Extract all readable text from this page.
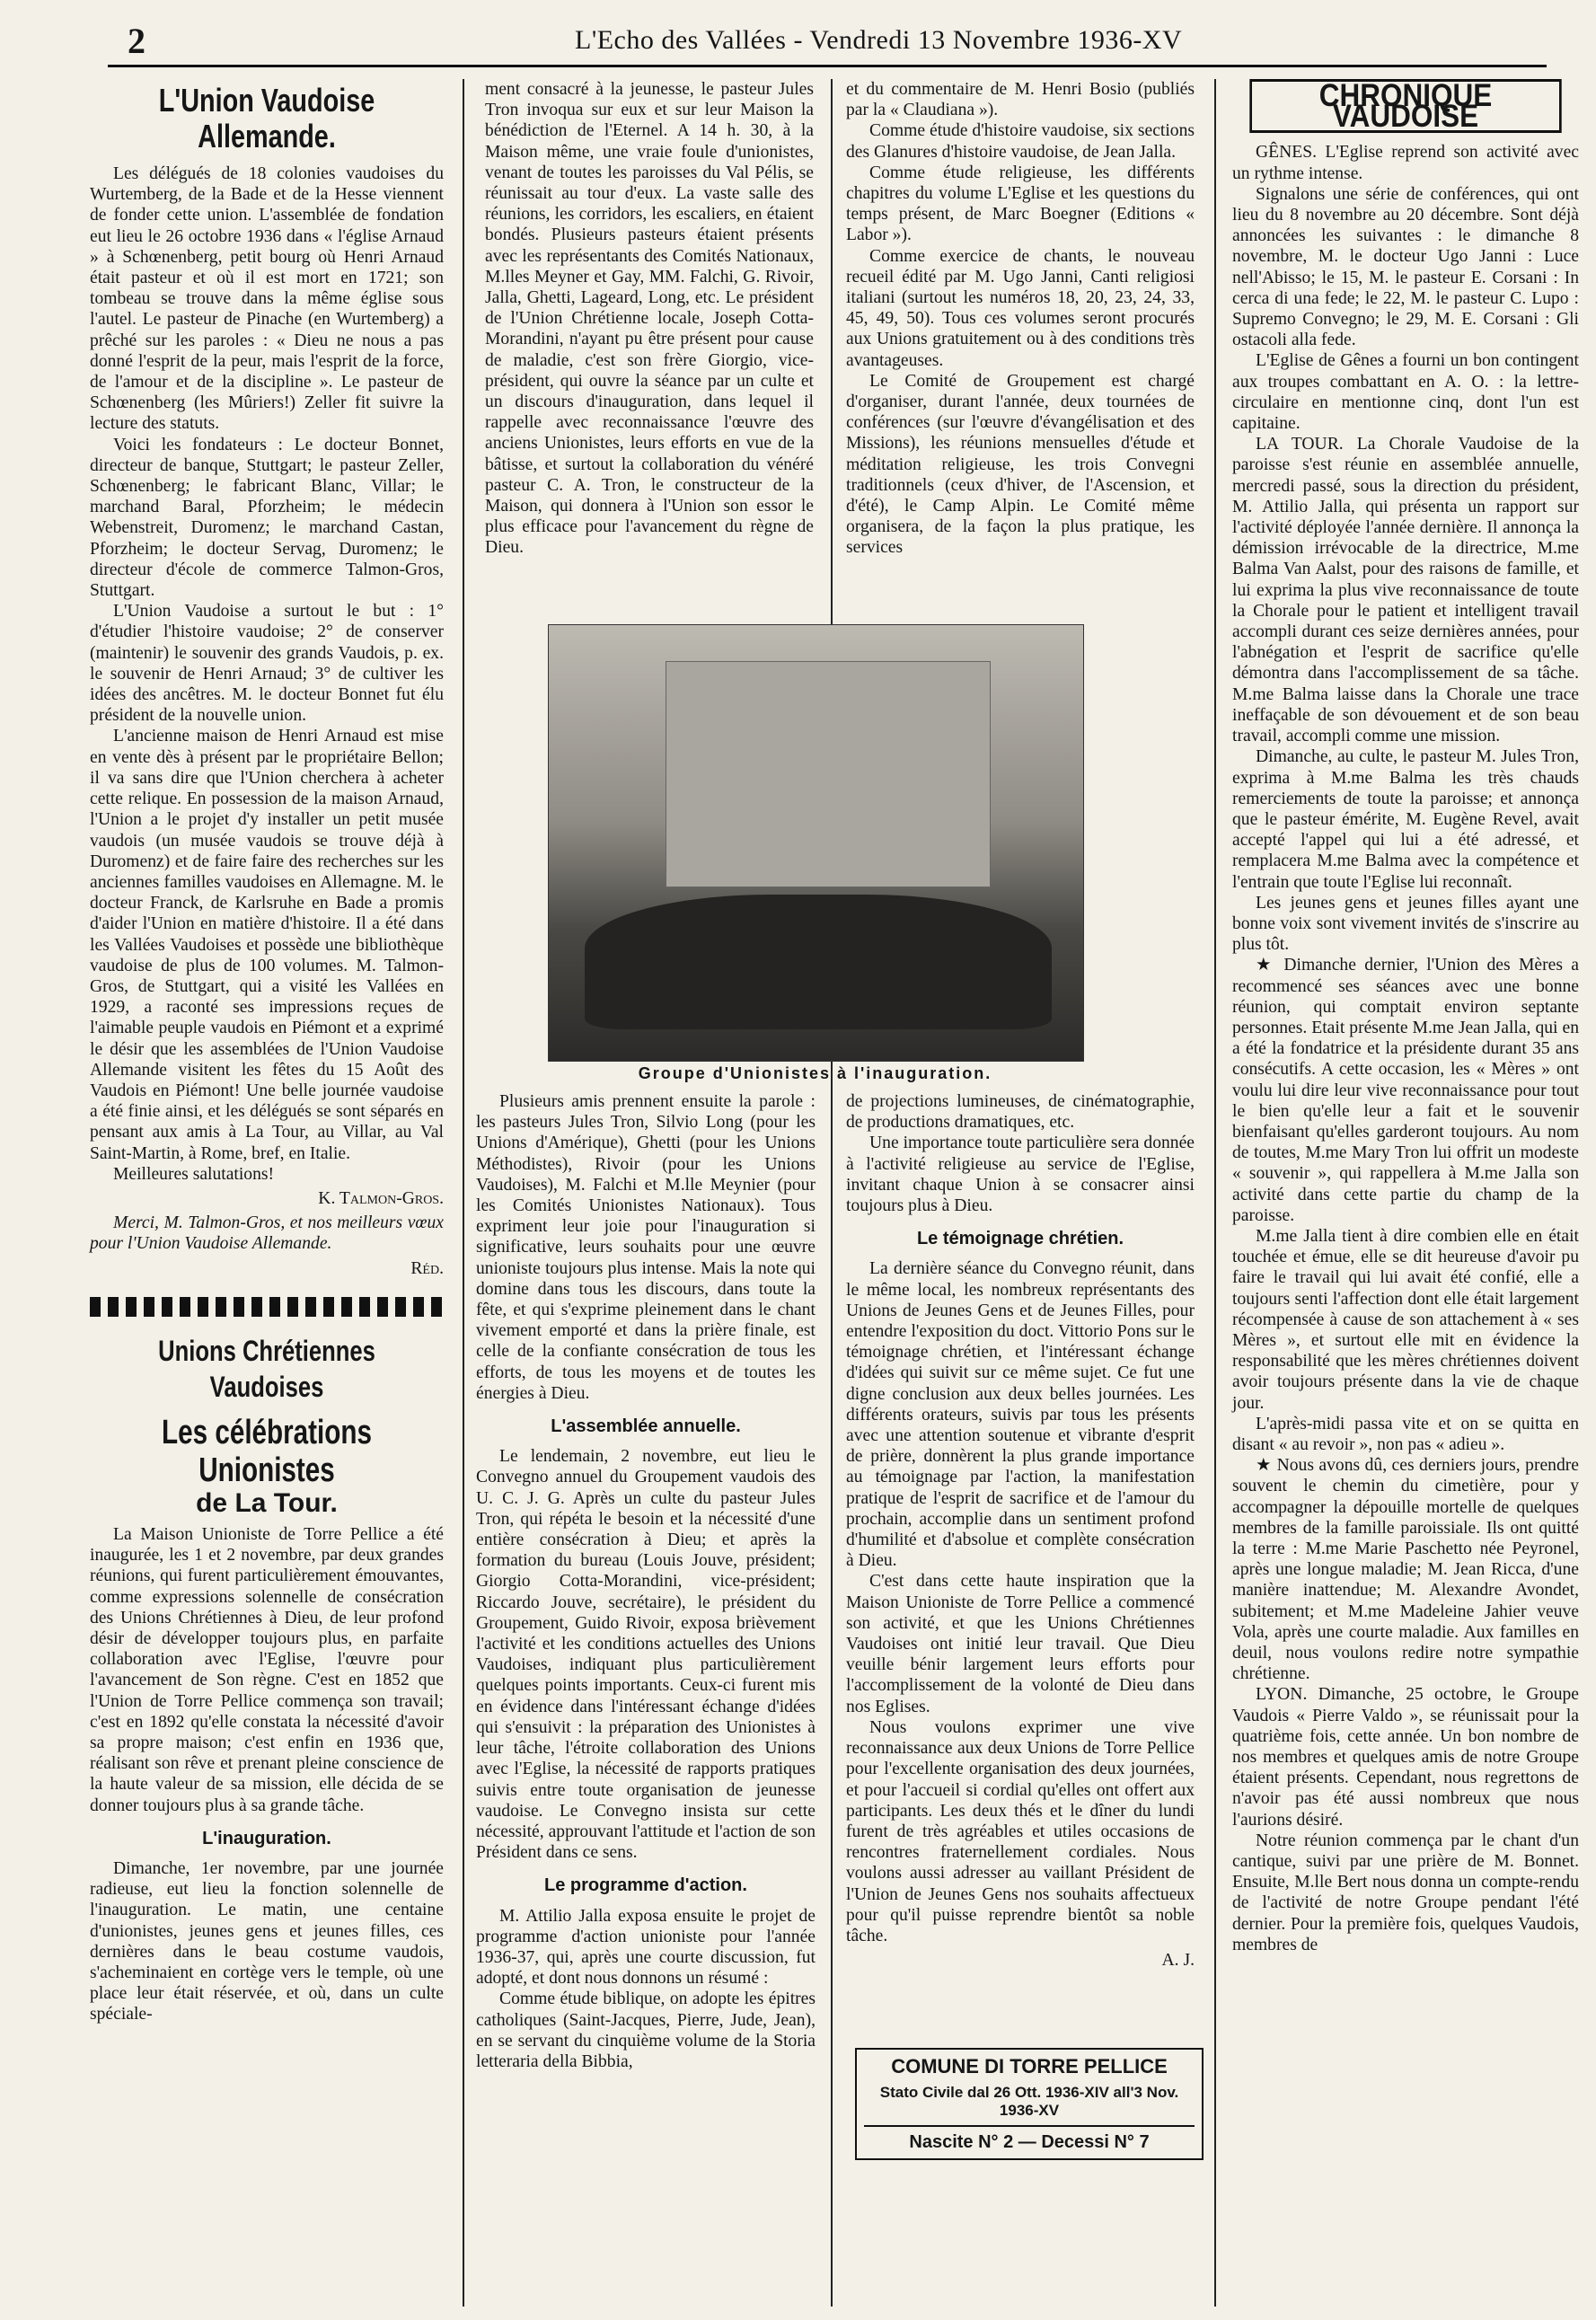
2	L'Echo des Vallées - Vendredi 13 Novembre 1936-XV
L'Union Vaudoise Allemande.

Les délégués de 18 colonies vaudoises du Wurtemberg, de la Bade et de la Hesse viennent de fonder cette union. L'assemblée de fondation eut lieu le 26 octobre 1936 dans « l'église Arnaud » à Schœnenberg, petit bourg où Henri Arnaud était pasteur et où il est mort en 1721; son tombeau se trouve dans la même église sous l'autel. Le pasteur de Pinache (en Wurtemberg) a prêché sur les paroles : « Dieu ne nous a pas donné l'esprit de la peur, mais l'esprit de la force, de l'amour et de la discipline ». Le pasteur de Schœnenberg (les Mûriers!) Zeller fit suivre la lecture des statuts.

Voici les fondateurs : Le docteur Bonnet, directeur de banque, Stuttgart; le pasteur Zeller, Schœnenberg; le fabricant Blanc, Villar; le marchand Baral, Pforzheim; le médecin Webenstreit, Duromenz; le marchand Castan, Pforzheim; le docteur Servag, Duromenz; le directeur d'école de commerce Talmon-Gros, Stuttgart.

L'Union Vaudoise a surtout le but : 1° d'étudier l'histoire vaudoise; 2° de conserver (maintenir) le souvenir des grands Vaudois, p. ex. le souvenir de Henri Arnaud; 3° de cultiver les idées des ancêtres. M. le docteur Bonnet fut élu président de la nouvelle union.

L'ancienne maison de Henri Arnaud est mise en vente dès à présent par le propriétaire Bellon; il va sans dire que l'Union cherchera à acheter cette relique. En possession de la maison Arnaud, l'Union a le projet d'y installer un petit musée vaudois (un musée vaudois se trouve déjà à Duromenz) et de faire faire des recherches sur les anciennes familles vaudoises en Allemagne. M. le docteur Franck, de Karlsruhe en Bade a promis d'aider l'Union en matière d'histoire. Il a été dans les Vallées Vaudoises et possède une bibliothèque vaudoise de plus de 100 volumes. M. Talmon-Gros, de Stuttgart, qui a visité les Vallées en 1929, a raconté ses impressions reçues de l'aimable peuple vaudois en Piémont et a exprimé le désir que les assemblées de l'Union Vaudoise Allemande visitent les fêtes du 15 Août des Vaudois en Piémont! Une belle journée vaudoise a été finie ainsi, et les délégués se sont séparés en pensant aux amis à La Tour, au Villar, au Val Saint-Martin, à Rome, bref, en Italie.

Meilleures salutations!

K. Talmon-Gros.

Merci, M. Talmon-Gros, et nos meilleurs vœux pour l'Union Vaudoise Allemande.

Réd.
Unions Chrétiennes Vaudoises
Les célébrations Unionistes
de La Tour.

La Maison Unioniste de Torre Pellice a été inaugurée, les 1 et 2 novembre, par deux grandes réunions, qui furent particulièrement émouvantes, comme expressions solennelle de consécration des Unions Chrétiennes à Dieu, de leur profond désir de développer toujours plus, en parfaite collaboration avec l'Eglise, l'œuvre pour l'avancement de Son règne. C'est en 1852 que l'Union de Torre Pellice commença son travail; c'est en 1892 qu'elle constata la nécessité d'avoir sa propre maison; c'est enfin en 1936 que, réalisant son rêve et prenant pleine conscience de la haute valeur de sa mission, elle décida de se donner toujours plus à sa grande tâche.

L'inauguration.

Dimanche, 1er novembre, par une journée radieuse, eut lieu la fonction solennelle de l'inauguration. Le matin, une centaine d'unionistes, jeunes gens et jeunes filles, ces dernières dans le beau costume vaudois, s'acheminaient en cortège vers le temple, où une place leur était réservée, et où, dans un culte spéciale-

ment consacré à la jeunesse, le pasteur Jules Tron invoqua sur eux et sur leur Maison la bénédiction de l'Eternel. A 14 h. 30, à la Maison même, une vraie foule d'unionistes, venant de toutes les paroisses du Val Pélis, se réunissait au tour d'eux. La vaste salle des réunions, les corridors, les escaliers, en étaient bondés. Plusieurs pasteurs étaient présents avec les représentants des Comités Nationaux, M.lles Meyner et Gay, MM. Falchi, G. Rivoir, Jalla, Ghetti, Lageard, Long, etc. Le président de l'Union Chrétienne locale, Joseph Cotta-Morandini, n'ayant pu être présent pour cause de maladie, c'est son frère Giorgio, vice-président, qui ouvre la séance par un culte et un discours d'inauguration, dans lequel il rappelle avec reconnaissance l'œuvre des anciens Unionistes, leurs efforts en vue de la bâtisse, et surtout la collaboration du vénéré pasteur C. A. Tron, le constructeur de la Maison, qui donnera à l'Union son essor le plus efficace pour l'avancement du règne de Dieu.

et du commentaire de M. Henri Bosio (publiés par la « Claudiana »).

Comme étude d'histoire vaudoise, six sections des Glanures d'histoire vaudoise, de Jean Jalla.

Comme étude religieuse, les différents chapitres du volume L'Eglise et les questions du temps présent, de Marc Boegner (Editions « Labor »).

Comme exercice de chants, le nouveau recueil édité par M. Ugo Janni, Canti religiosi italiani (surtout les numéros 18, 20, 23, 24, 33, 45, 49, 50). Tous ces volumes seront procurés aux Unions gratuitement ou à des conditions très avantageuses.

Le Comité de Groupement est chargé d'organiser, durant l'année, deux tournées de conférences (sur l'œuvre d'évangélisation et des Missions), les réunions mensuelles d'étude et méditation religieuse, les trois Convegni traditionnels (ceux d'hiver, de l'Ascension, et d'été), le Camp Alpin. Le Comité même organisera, de la façon la plus pratique, les services

Groupe d'Unionistes à l'inauguration.

Plusieurs amis prennent ensuite la parole : les pasteurs Jules Tron, Silvio Long (pour les Unions d'Amérique), Ghetti (pour les Unions Méthodistes), Rivoir (pour les Unions Vaudoises), M. Falchi et M.lle Meynier (pour les Comités Unionistes Nationaux). Tous expriment leur joie pour l'inauguration si significative, leurs souhaits pour une œuvre unioniste toujours plus intense. Mais la note qui domine dans tous les discours, dans toute la fête, et qui s'exprime pleinement dans le chant vivement emporté et dans la prière finale, est celle de la confiante consécration de tous les efforts, de tous les moyens et de toutes les énergies à Dieu.

L'assemblée annuelle.

Le lendemain, 2 novembre, eut lieu le Convegno annuel du Groupement vaudois des U. C. J. G. Après un culte du pasteur Jules Tron, qui répéta le besoin et la nécessité d'une entière consécration à Dieu; et après la formation du bureau (Louis Jouve, président; Giorgio Cotta-Morandini, vice-président; Riccardo Jouve, secrétaire), le président du Groupement, Guido Rivoir, exposa brièvement l'activité et les conditions actuelles des Unions Vaudoises, indiquant plus particulièrement quelques points importants. Ceux-ci furent mis en évidence dans l'intéressant échange d'idées qui s'ensuivit : la préparation des Unionistes à leur tâche, l'étroite collaboration des Unions avec l'Eglise, la nécessité de rapports pratiques suivis entre toute organisation de jeunesse vaudoise. Le Convegno insista sur cette nécessité, approuvant l'attitude et l'action de son Président dans ce sens.

Le programme d'action.

M. Attilio Jalla exposa ensuite le projet de programme d'action unioniste pour l'année 1936-37, qui, après une courte discussion, fut adopté, et dont nous donnons un résumé :

Comme étude biblique, on adopte les épitres catholiques (Saint-Jacques, Pierre, Jude, Jean), en se servant du cinquième volume de la Storia letteraria della Bibbia,

de projections lumineuses, de cinématographie, de productions dramatiques, etc.

Une importance toute particulière sera donnée à l'activité religieuse au service de l'Eglise, invitant chaque Union à se consacrer ainsi toujours plus à Dieu.

Le témoignage chrétien.

La dernière séance du Convegno réunit, dans le même local, les nombreux représentants des Unions de Jeunes Gens et de Jeunes Filles, pour entendre l'exposition du doct. Vittorio Pons sur le témoignage chrétien, et l'intéressant échange d'idées qui suivit sur ce même sujet. Ce fut une digne conclusion aux deux belles journées. Les différents orateurs, suivis par tous les présents avec une attention soutenue et vibrante d'esprit de prière, donnèrent la plus grande importance au témoignage par l'action, la manifestation pratique de l'esprit de sacrifice et de l'amour du prochain, accomplie dans un sentiment profond d'humilité et d'absolue et complète consécration à Dieu.

C'est dans cette haute inspiration que la Maison Unioniste de Torre Pellice a commencé son activité, et que les Unions Chrétiennes Vaudoises ont initié leur travail. Que Dieu veuille bénir largement leurs efforts pour l'accomplissement de la volonté de Dieu dans nos Eglises.

Nous voulons exprimer une vive reconnaissance aux deux Unions de Torre Pellice pour l'excellente organisation des deux journées, et pour l'accueil si cordial qu'elles ont offert aux participants. Les deux thés et le dîner du lundi furent de très agréables et utiles occasions de rencontres fraternellement cordiales. Nous voulons aussi adresser au vaillant Président de l'Union de Jeunes Gens nos souhaits affectueux pour qu'il puisse reprendre bientôt sa noble tâche.

A. J.
COMUNE DI TORRE PELLICE
Stato Civile dal 26 Ott. 1936-XIV all'3 Nov. 1936-XV
Nascite N° 2 — Decessi N° 7
CHRONIQUE VAUDOISE

GÊNES. L'Eglise reprend son activité avec un rythme intense.

Signalons une série de conférences, qui ont lieu du 8 novembre au 20 décembre. Sont déjà annoncées les suivantes : le dimanche 8 novembre, M. le docteur Ugo Janni : Luce nell'Abisso; le 15, M. le pasteur E. Corsani : In cerca di una fede; le 22, M. le pasteur C. Lupo : Supremo Convegno; le 29, M. E. Corsani : Gli ostacoli alla fede.

L'Eglise de Gênes a fourni un bon contingent aux troupes combattant en A. O. : la lettre-circulaire en mentionne cinq, dont l'un est capitaine.

LA TOUR. La Chorale Vaudoise de la paroisse s'est réunie en assemblée annuelle, mercredi passé, sous la direction du président, M. Attilio Jalla, qui présenta un rapport sur l'activité déployée l'année dernière. Il annonça la démission irrévocable de la directrice, M.me Balma Van Aalst, pour des raisons de famille, et lui exprima la plus vive reconnaissance de toute la Chorale pour le patient et intelligent travail accompli durant ces seize dernières années, pour l'abnégation et l'esprit de sacrifice qu'elle démontra dans l'accomplissement de sa tâche. M.me Balma laisse dans la Chorale une trace ineffaçable de son dévouement et de son beau travail, accompli comme une mission.

Dimanche, au culte, le pasteur M. Jules Tron, exprima à M.me Balma les très chauds remerciements de toute la paroisse; et annonça que le pasteur émérite, M. Eugène Revel, avait accepté l'appel qui lui a été adressé, et remplacera M.me Balma avec la compétence et l'entrain que toute l'Eglise lui reconnaît.

Les jeunes gens et jeunes filles ayant une bonne voix sont vivement invités de s'inscrire au plus tôt.

★ Dimanche dernier, l'Union des Mères a recommencé ses séances avec une bonne réunion, qui comptait environ septante personnes. Etait présente M.me Jean Jalla, qui en a été la fondatrice et la présidente durant 35 ans consécutifs. A cette occasion, les « Mères » ont voulu lui dire leur vive reconnaissance pour tout le bien qu'elle leur a fait et le souvenir bienfaisant qu'elles garderont toujours. Au nom de toutes, M.me Mary Tron lui offrit un modeste « souvenir », qui rappellera à M.me Jalla son activité dans cette partie du champ de la paroisse.

M.me Jalla tient à dire combien elle en était touchée et émue, elle se dit heureuse d'avoir pu faire le travail qui lui avait été confié, elle a toujours senti l'affection dont elle était largement récompensée à cause de son attachement à « ses Mères », et surtout elle mit en évidence la responsabilité que les mères chrétiennes doivent avoir toujours présente dans la vie de chaque jour.

L'après-midi passa vite et on se quitta en disant « au revoir », non pas « adieu ».

★ Nous avons dû, ces derniers jours, prendre souvent le chemin du cimetière, pour y accompagner la dépouille mortelle de quelques membres de la famille paroissiale. Ils ont quitté la terre : M.me Marie Paschetto née Peyronel, après une longue maladie; M. Jean Ricca, d'une manière inattendue; M. Alexandre Avondet, subitement; et M.me Madeleine Jahier veuve Vola, après une courte maladie. Aux familles en deuil, nous voulons redire notre sympathie chrétienne.

LYON. Dimanche, 25 octobre, le Groupe Vaudois « Pierre Valdo », se réunissait pour la quatrième fois, cette année. Un bon nombre de nos membres et quelques amis de notre Groupe étaient présents. Cependant, nous regrettons de n'avoir pas été aussi nombreux que nous l'aurions désiré.

Notre réunion commença par le chant d'un cantique, suivi par une prière de M. Bonnet. Ensuite, M.lle Bert nous donna un compte-rendu de l'activité de notre Groupe pendant l'été dernier. Pour la première fois, quelques Vaudois, membres de
